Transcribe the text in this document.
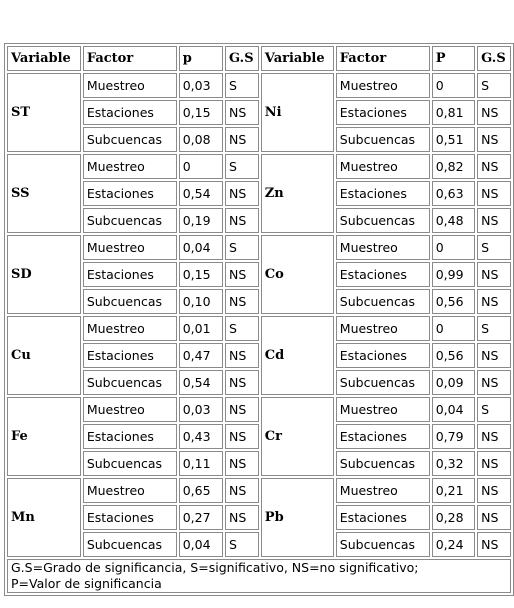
Variable	Factor	p	G.S	Variable	Factor	P	G.S
ST	Muestreo	0,03	S	Ni	Muestreo	0	S
	Estaciones	0,15	NS		Estaciones	0,81	NS
	Subcuencas	0,08	NS		Subcuencas	0,51	NS
SS	Muestreo	0	S	Zn	Muestreo	0,82	NS
	Estaciones	0,54	NS		Estaciones	0,63	NS
	Subcuencas	0,19	NS		Subcuencas	0,48	NS
SD	Muestreo	0,04	S	Co	Muestreo	0	S
	Estaciones	0,15	NS		Estaciones	0,99	NS
	Subcuencas	0,10	NS		Subcuencas	0,56	NS
Cu	Muestreo	0,01	S	Cd	Muestreo	0	S
	Estaciones	0,47	NS		Estaciones	0,56	NS
	Subcuencas	0,54	NS		Subcuencas	0,09	NS
Fe	Muestreo	0,03	NS	Cr	Muestreo	0,04	S
	Estaciones	0,43	NS		Estaciones	0,79	NS
	Subcuencas	0,11	NS		Subcuencas	0,32	NS
Mn	Muestreo	0,65	NS	Pb	Muestreo	0,21	NS
	Estaciones	0,27	NS		Estaciones	0,28	NS
	Subcuencas	0,04	S		Subcuencas	0,24	NS
G.S=Grado de significancia, S=significativo, NS=no significativo;
P=Valor de significancia							
